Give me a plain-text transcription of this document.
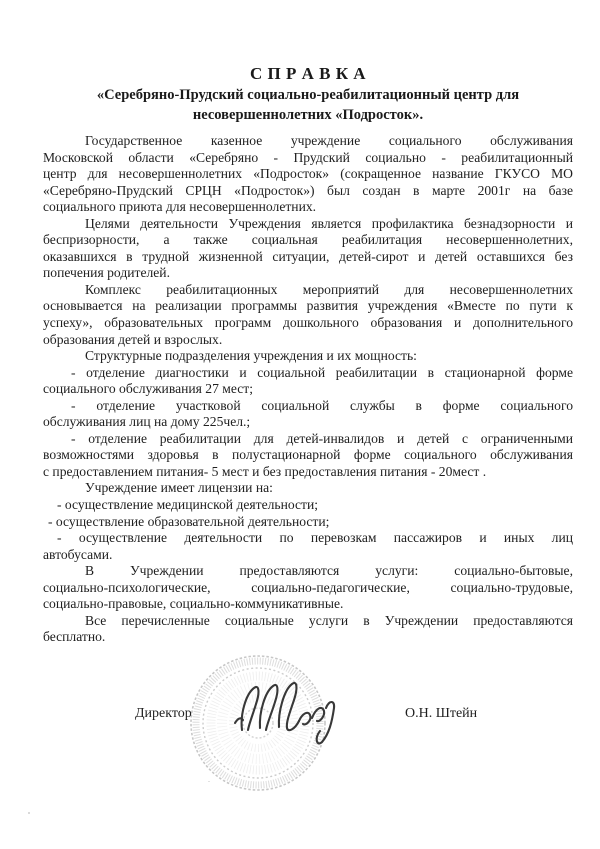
С П Р А В К А
«Серебряно-Прудский социально-реабилитационный центр для
несовершеннолетних «Подросток».
Государственное казенное учреждение социального обслуживания
Московской области «Серебряно - Прудский социально - реабилитационный
центр для несовершеннолетних «Подросток» (сокращенное название ГКУСО МО
«Серебряно-Прудский СРЦН «Подросток») был создан в марте 2001г на базе
социального приюта для несовершеннолетних.
Целями деятельности Учреждения является профилактика безнадзорности и
беспризорности, а также социальная реабилитация несовершеннолетних,
оказавшихся в трудной жизненной ситуации, детей-сирот и детей оставшихся без
попечения родителей.
Комплекс реабилитационных мероприятий для несовершеннолетних
основывается на реализации программы развития учреждения «Вместе по пути к
успеху», образовательных программ дошкольного образования и дополнительного
образования детей и взрослых.
Структурные подразделения учреждения и их мощность:
- отделение диагностики и социальной реабилитации в стационарной форме
социального обслуживания 27 мест;
- отделение участковой социальной службы в форме социального
обслуживания лиц на дому 225чел.;
- отделение реабилитации для детей-инвалидов и детей с ограниченными
возможностями здоровья в полустационарной форме социального обслуживания
с предоставлением питания- 5 мест и без предоставления питания - 20мест .
Учреждение имеет лицензии на:
- осуществление медицинской деятельности;
- осуществление образовательной деятельности;
- осуществление деятельности по перевозкам пассажиров и иных лиц
автобусами.
В Учреждении предоставляются услуги: социально-бытовые,
социально-психологические, социально-педагогические, социально-трудовые,
социально-правовые, социально-коммуникативные.
Все перечисленные социальные услуги в Учреждении предоставляются
бесплатно.
Директор	О.Н. Штейн
